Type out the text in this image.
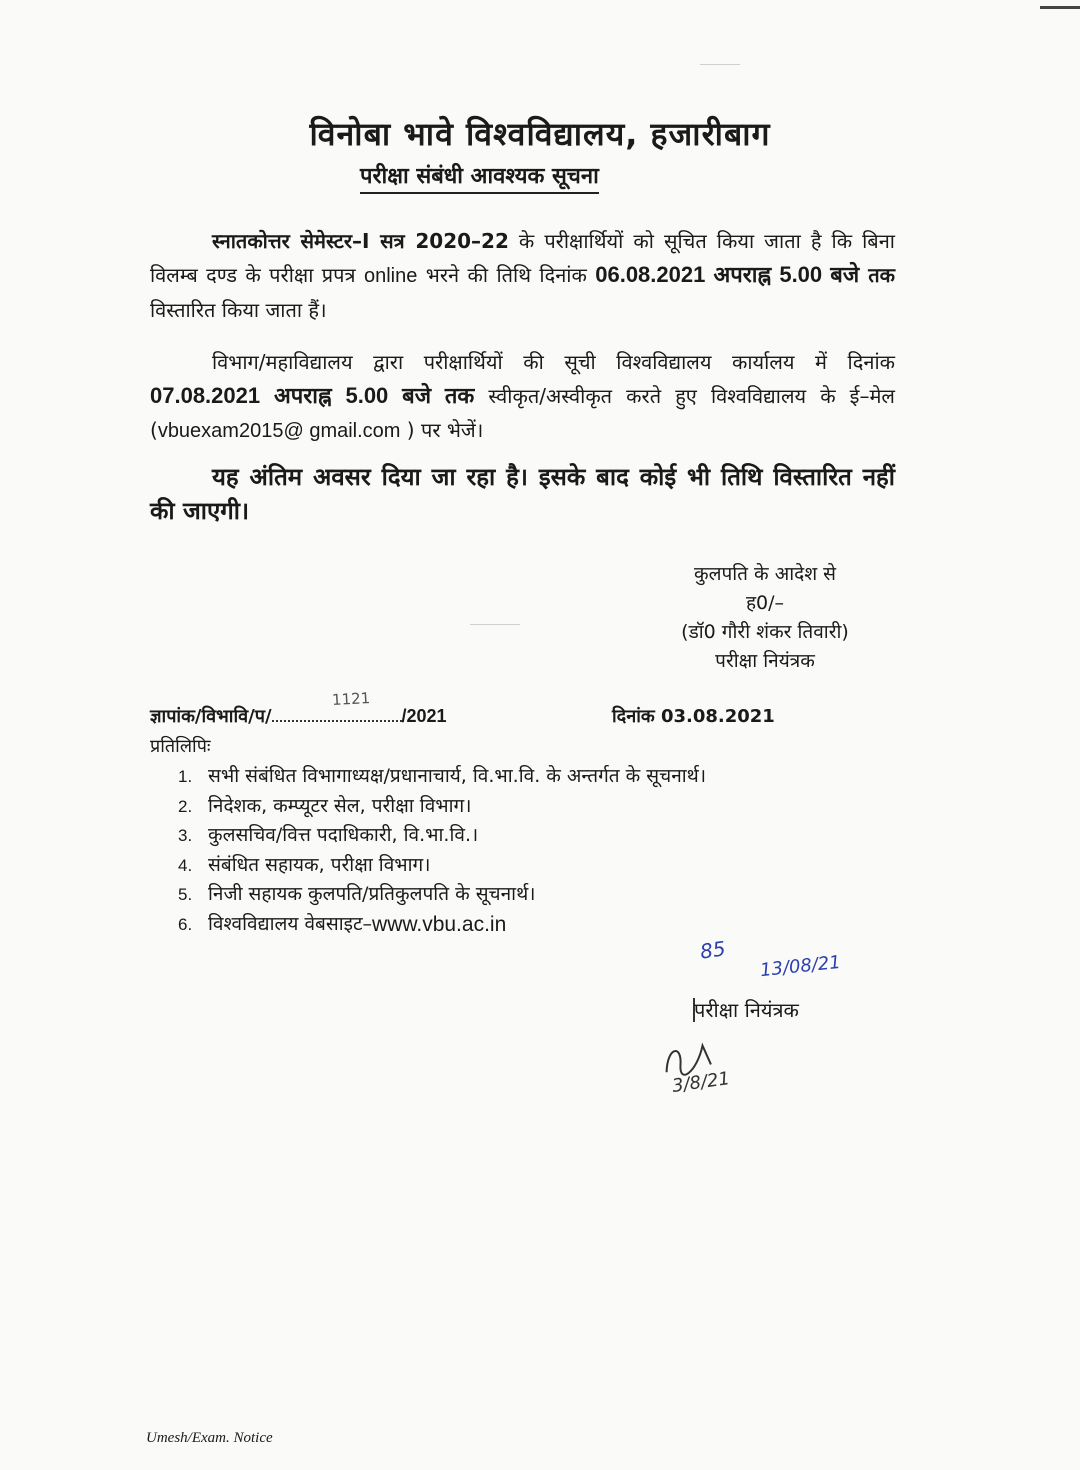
विनोबा भावे विश्वविद्यालय, हजारीबाग
परीक्षा संबंधी आवश्यक सूचना
स्नातकोत्तर सेमेस्टर–I सत्र 2020–22 के परीक्षार्थियों को सूचित किया जाता है कि बिना विलम्ब दण्ड के परीक्षा प्रपत्र online भरने की तिथि दिनांक 06.08.2021 अपराह्न 5.00 बजे तक विस्तारित किया जाता हैं।
विभाग/महाविद्यालय द्वारा परीक्षार्थियों की सूची विश्वविद्यालय कार्यालय में दिनांक 07.08.2021 अपराह्न 5.00 बजे तक स्वीकृत/अस्वीकृत करते हुए विश्वविद्यालय के ई–मेल (vbuexam2015@ gmail.com ) पर भेजें।
यह अंतिम अवसर दिया जा रहा है। इसके बाद कोई भी तिथि विस्तारित नहीं की जाएगी।
कुलपति के आदेश से
ह0/–
(डॉ0 गौरी शंकर तिवारी)
परीक्षा नियंत्रक
ज्ञापांक/विभावि/प/
1121
/2021	दिनांक 03.08.2021
प्रतिलिपिः
1. सभी संबंधित विभागाध्यक्ष/प्रधानाचार्य, वि.भा.वि. के अन्तर्गत के सूचनार्थ।
2. निदेशक, कम्प्यूटर सेल, परीक्षा विभाग।
3. कुलसचिव/वित्त पदाधिकारी, वि.भा.वि.।
4. संबंधित सहायक, परीक्षा विभाग।
5. निजी सहायक कुलपति/प्रतिकुलपति के सूचनार्थ।
6. विश्वविद्यालय वेबसाइट– www.vbu.ac.in
85
13/08/21
परीक्षा नियंत्रक
3/8/21
Umesh/Exam. Notice
